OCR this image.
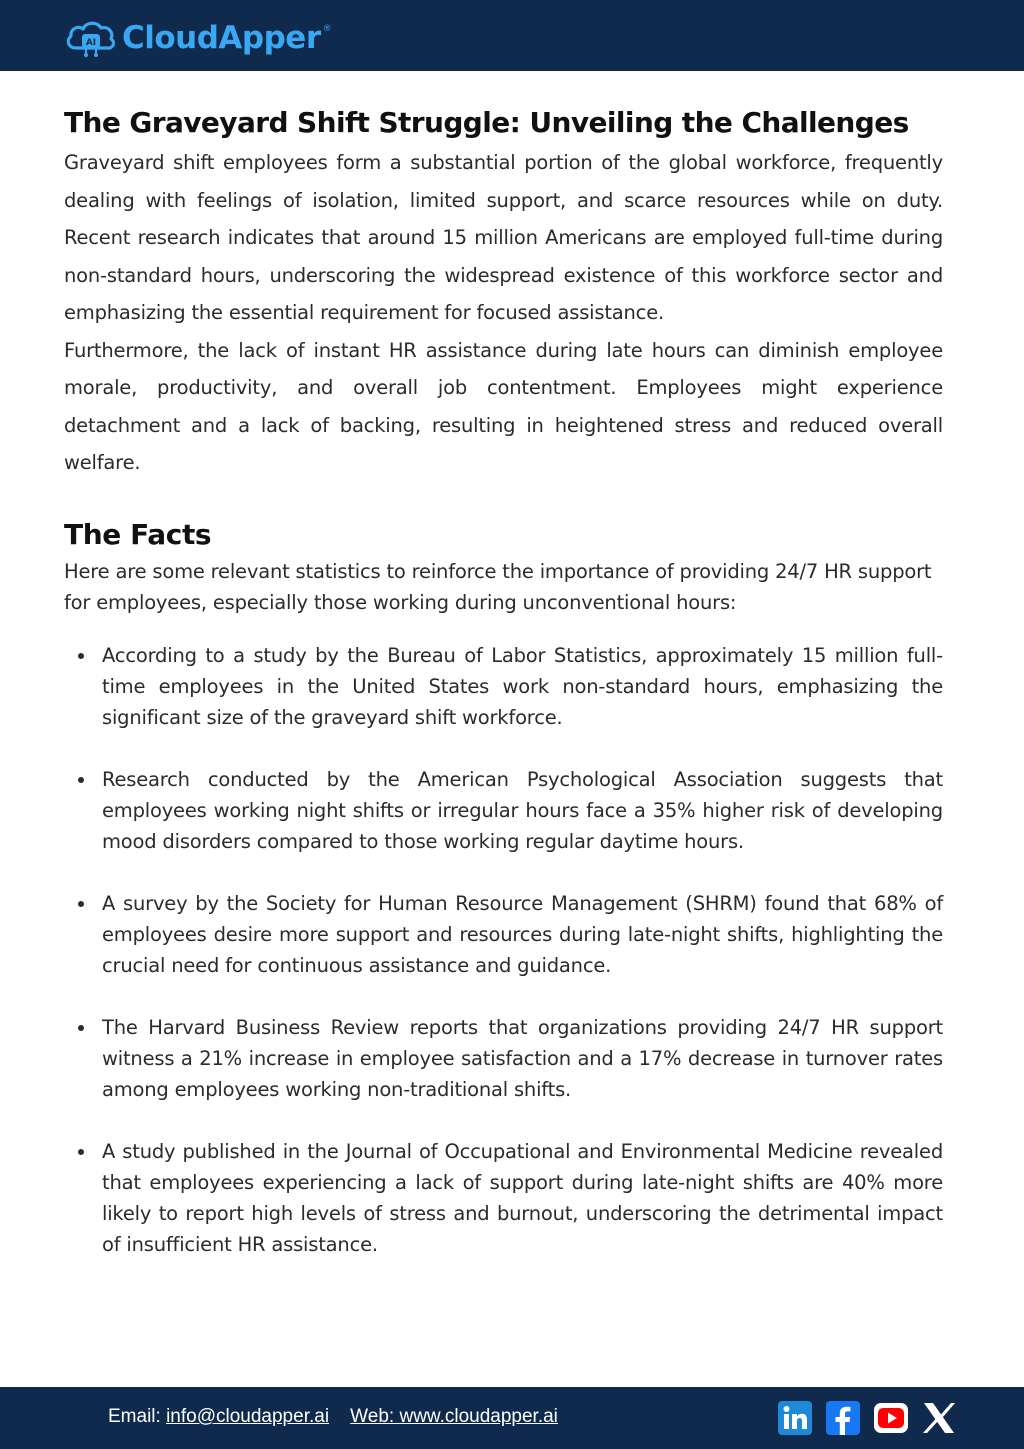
AI CloudApper ®
The Graveyard Shift Struggle: Unveiling the Challenges

Graveyard shift employees form a substantial portion of the global workforce, frequently dealing with feelings of isolation, limited support, and scarce resources while on duty. Recent research indicates that around 15 million Americans are employed full-time during non-standard hours, underscoring the widespread existence of this workforce sector and emphasizing the essential requirement for focused assistance.

Furthermore, the lack of instant HR assistance during late hours can diminish employee morale, productivity, and overall job contentment. Employees might experience detachment and a lack of backing, resulting in heightened stress and reduced overall welfare.

The Facts

Here are some relevant statistics to reinforce the importance of providing 24/7 HR support for employees, especially those working during unconventional hours:

According to a study by the Bureau of Labor Statistics, approximately 15 million full-time employees in the United States work non-standard hours, emphasizing the significant size of the graveyard shift workforce.
Research conducted by the American Psychological Association suggests that employees working night shifts or irregular hours face a 35% higher risk of developing mood disorders compared to those working regular daytime hours.
A survey by the Society for Human Resource Management (SHRM) found that 68% of employees desire more support and resources during late-night shifts, highlighting the crucial need for continuous assistance and guidance.
The Harvard Business Review reports that organizations providing 24/7 HR support witness a 21% increase in employee satisfaction and a 17% decrease in turnover rates among employees working non-traditional shifts.
A study published in the Journal of Occupational and Environmental Medicine revealed that employees experiencing a lack of support during late-night shifts are 40% more likely to report high levels of stress and burnout, underscoring the detrimental impact of insufficient HR assistance.
Email: info@cloudapper.ai Web: www.cloudapper.ai
